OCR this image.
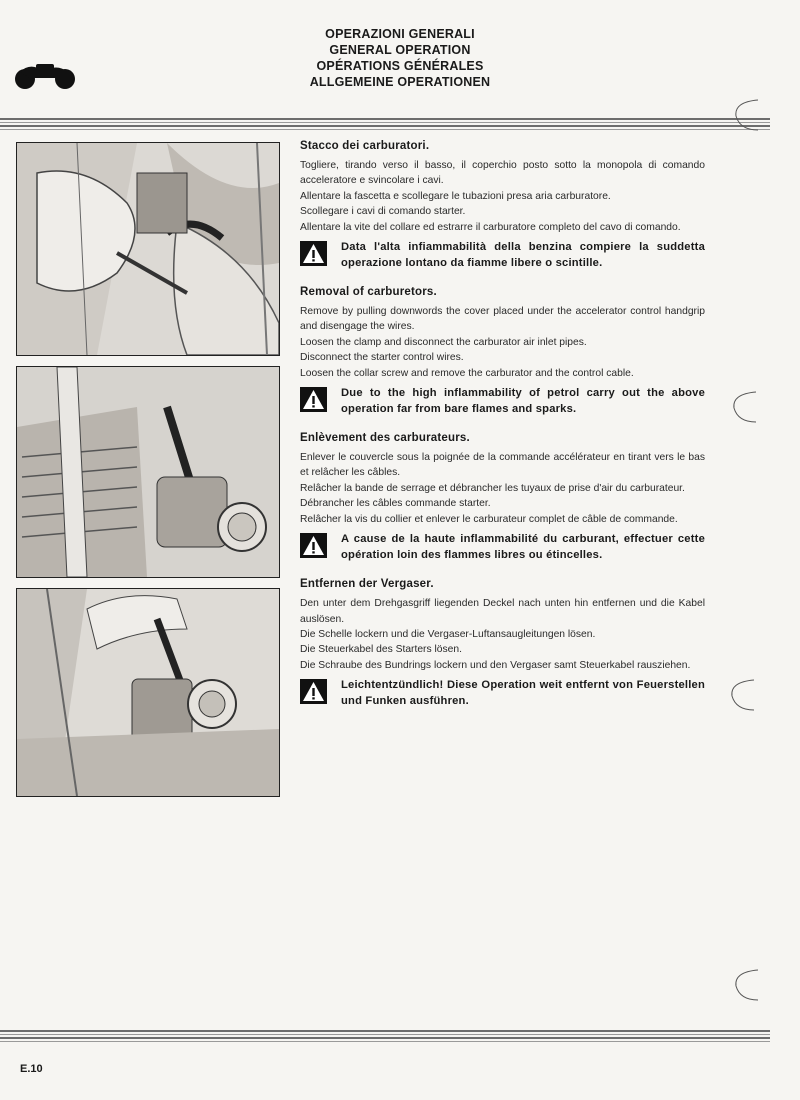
OPERAZIONI GENERALI
GENERAL OPERATION
OPÉRATIONS GÉNÉRALES
ALLGEMEINE OPERATIONEN
Stacco dei carburatori.

Togliere, tirando verso il basso, il coperchio posto sotto la monopola di comando acceleratore e svincolare i cavi.

Allentare la fascetta e scollegare le tubazioni presa aria carburatore.

Scollegare i cavi di comando starter.

Allentare la vite del collare ed estrarre il carburatore completo del cavo di comando.

Data l'alta infiammabilità della benzina compiere la suddetta operazione lontano da fiamme libere o scintille.
Removal of carburetors.

Remove by pulling downwords the cover placed under the accelerator control handgrip and disengage the wires.

Loosen the clamp and disconnect the carburator air inlet pipes.

Disconnect the starter control wires.

Loosen the collar screw and remove the carburator and the control cable.

Due to the high inflammability of petrol carry out the above operation far from bare flames and sparks.
Enlèvement des carburateurs.

Enlever le couvercle sous la poignée de la commande accélérateur en tirant vers le bas et relâcher les câbles.

Relâcher la bande de serrage et débrancher les tuyaux de prise d'air du carburateur.

Débrancher les câbles commande starter.

Relâcher la vis du collier et enlever le carburateur complet de câble de commande.

A cause de la haute inflammabilité du carburant, effectuer cette opération loin des flammes libres ou étincelles.
Entfernen der Vergaser.

Den unter dem Drehgasgriff liegenden Deckel nach unten hin entfernen und die Kabel auslösen.

Die Schelle lockern und die Vergaser-Luftansaugleitungen lösen.

Die Steuerkabel des Starters lösen.

Die Schraube des Bundrings lockern und den Vergaser samt Steuerkabel rausziehen.

Leichtentzündlich! Diese Operation weit entfernt von Feuerstellen und Funken ausführen.
E.10
